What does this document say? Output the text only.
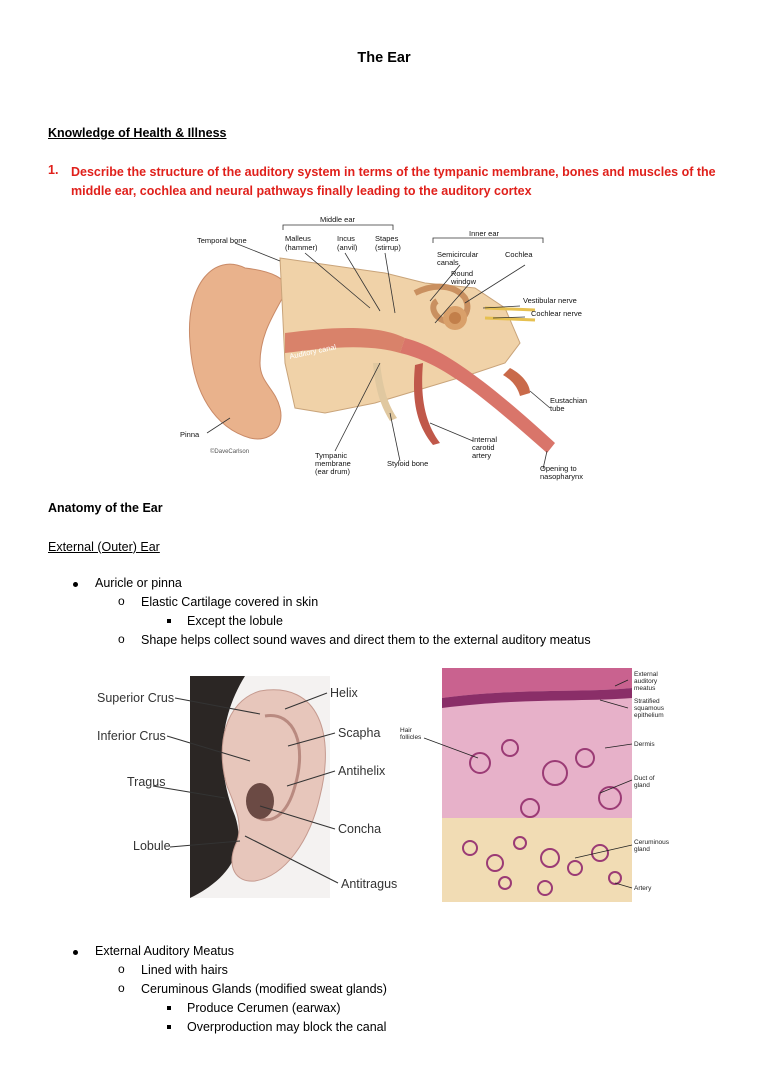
The Ear
Knowledge of Health & Illness
1. Describe the structure of the auditory system in terms of the tympanic membrane, bones and muscles of the middle ear, cochlea and neural pathways finally leading to the auditory cortex
Middle ear
Temporal bone	Malleus
(hammer)
Incus
(anvil)
Stapes
(stirrup)
Inner ear
Semicircular
canals
Cochlea
Round
window
Vestibular nerve
Cochlear nerve
Auditory canal
Eustachian
tube
Pinna
©DaveCarlson	Tympanic
membrane
(ear drum)
Styloid bone
Internal
carotid
artery
Opening to
nasopharynx
Anatomy of the Ear
External (Outer) Ear
Auricle or pinna
o Elastic Cartilage covered in skin
Except the lobule
o Shape helps collect sound waves and direct them to the external auditory meatus
Superior Crus
Inferior Crus
Tragus
Lobule
Helix
Scapha
Antihelix
Concha
Antitragus
External
auditory
meatus
Stratified
squamous
epithelium
Hair
follicles
Dermis
Duct of
gland
Ceruminous
gland
Artery
External Auditory Meatus
o Lined with hairs
o Ceruminous Glands (modified sweat glands)
Produce Cerumen (earwax)
Overproduction may block the canal
